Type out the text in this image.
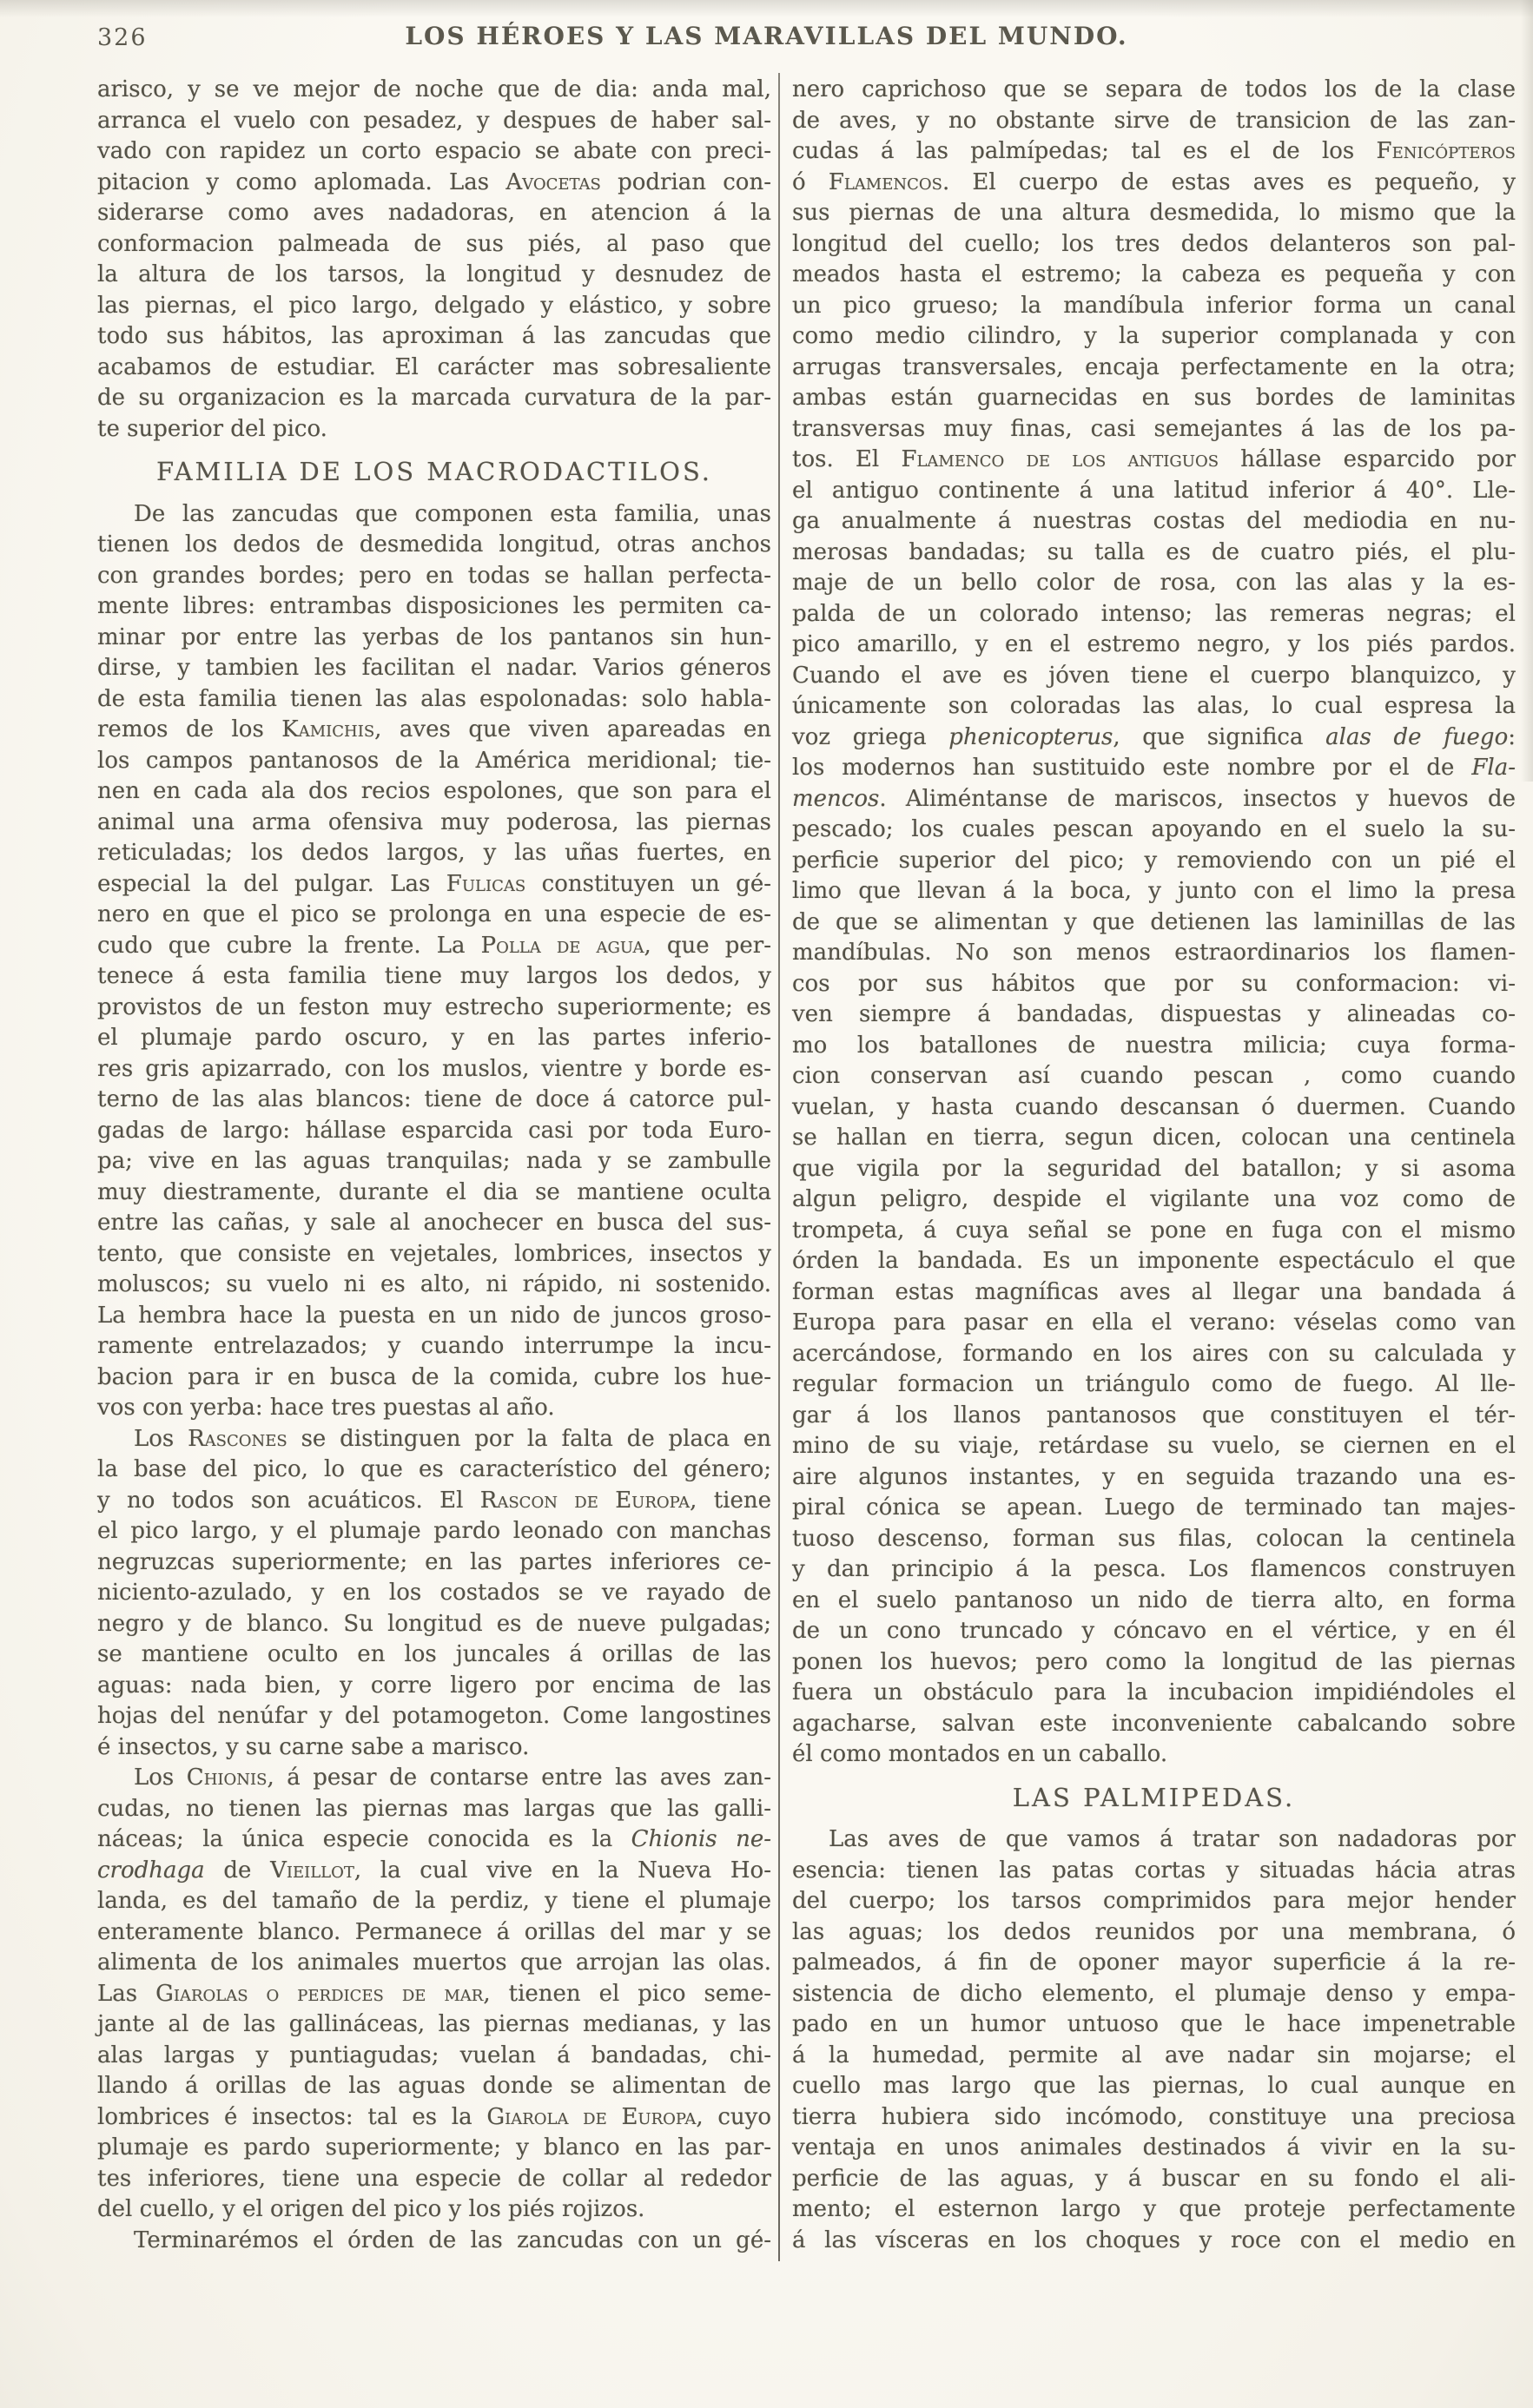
326	LOS HÉROES Y LAS MARAVILLAS DEL MUNDO.
arisco, y se ve mejor de noche que de dia: anda mal,
arranca el vuelo con pesadez, y despues de haber sal-
vado con rapidez un corto espacio se abate con preci-
pitacion y como aplomada. Las Avocetas podrian con-
siderarse como aves nadadoras, en atencion á la
conformacion palmeada de sus piés, al paso que
la altura de los tarsos, la longitud y desnudez de
las piernas, el pico largo, delgado y elástico, y sobre
todo sus hábitos, las aproximan á las zancudas que
acabamos de estudiar. El carácter mas sobresaliente
de su organizacion es la marcada curvatura de la par-
te superior del pico.
FAMILIA DE LOS MACRODACTILOS.
De las zancudas que componen esta familia, unas
tienen los dedos de desmedida longitud, otras anchos
con grandes bordes; pero en todas se hallan perfecta-
mente libres: entrambas disposiciones les permiten ca-
minar por entre las yerbas de los pantanos sin hun-
dirse, y tambien les facilitan el nadar. Varios géneros
de esta familia tienen las alas espolonadas: solo habla-
remos de los Kamichis, aves que viven apareadas en
los campos pantanosos de la América meridional; tie-
nen en cada ala dos recios espolones, que son para el
animal una arma ofensiva muy poderosa, las piernas
reticuladas; los dedos largos, y las uñas fuertes, en
especial la del pulgar. Las Fulicas constituyen un gé-
nero en que el pico se prolonga en una especie de es-
cudo que cubre la frente. La Polla de agua, que per-
tenece á esta familia tiene muy largos los dedos, y
provistos de un feston muy estrecho superiormente; es
el plumaje pardo oscuro, y en las partes inferio-
res gris apizarrado, con los muslos, vientre y borde es-
terno de las alas blancos: tiene de doce á catorce pul-
gadas de largo: hállase esparcida casi por toda Euro-
pa; vive en las aguas tranquilas; nada y se zambulle
muy diestramente, durante el dia se mantiene oculta
entre las cañas, y sale al anochecer en busca del sus-
tento, que consiste en vejetales, lombrices, insectos y
moluscos; su vuelo ni es alto, ni rápido, ni sostenido.
La hembra hace la puesta en un nido de juncos groso-
ramente entrelazados; y cuando interrumpe la incu-
bacion para ir en busca de la comida, cubre los hue-
vos con yerba: hace tres puestas al año.
Los Rascones se distinguen por la falta de placa en
la base del pico, lo que es característico del género;
y no todos son acuáticos. El Rascon de Europa, tiene
el pico largo, y el plumaje pardo leonado con manchas
negruzcas superiormente; en las partes inferiores ce-
niciento-azulado, y en los costados se ve rayado de
negro y de blanco. Su longitud es de nueve pulgadas;
se mantiene oculto en los juncales á orillas de las
aguas: nada bien, y corre ligero por encima de las
hojas del nenúfar y del potamogeton. Come langostines
é insectos, y su carne sabe a marisco.
Los Chionis, á pesar de contarse entre las aves zan-
cudas, no tienen las piernas mas largas que las galli-
náceas; la única especie conocida es la Chionis ne-
crodhaga de Vieillot, la cual vive en la Nueva Ho-
landa, es del tamaño de la perdiz, y tiene el plumaje
enteramente blanco. Permanece á orillas del mar y se
alimenta de los animales muertos que arrojan las olas.
Las Giarolas o perdices de mar, tienen el pico seme-
jante al de las gallináceas, las piernas medianas, y las
alas largas y puntiagudas; vuelan á bandadas, chi-
llando á orillas de las aguas donde se alimentan de
lombrices é insectos: tal es la Giarola de Europa, cuyo
plumaje es pardo superiormente; y blanco en las par-
tes inferiores, tiene una especie de collar al rededor
del cuello, y el origen del pico y los piés rojizos.
Terminarémos el órden de las zancudas con un gé-
nero caprichoso que se separa de todos los de la clase
de aves, y no obstante sirve de transicion de las zan-
cudas á las palmípedas; tal es el de los Fenicópteros
ó Flamencos. El cuerpo de estas aves es pequeño, y
sus piernas de una altura desmedida, lo mismo que la
longitud del cuello; los tres dedos delanteros son pal-
meados hasta el estremo; la cabeza es pequeña y con
un pico grueso; la mandíbula inferior forma un canal
como medio cilindro, y la superior complanada y con
arrugas transversales, encaja perfectamente en la otra;
ambas están guarnecidas en sus bordes de laminitas
transversas muy finas, casi semejantes á las de los pa-
tos. El Flamenco de los antiguos hállase esparcido por
el antiguo continente á una latitud inferior á 40°. Lle-
ga anualmente á nuestras costas del mediodia en nu-
merosas bandadas; su talla es de cuatro piés, el plu-
maje de un bello color de rosa, con las alas y la es-
palda de un colorado intenso; las remeras negras; el
pico amarillo, y en el estremo negro, y los piés pardos.
Cuando el ave es jóven tiene el cuerpo blanquizco, y
únicamente son coloradas las alas, lo cual espresa la
voz griega phenicopterus, que significa alas de fuego:
los modernos han sustituido este nombre por el de Fla-
mencos. Aliméntanse de mariscos, insectos y huevos de
pescado; los cuales pescan apoyando en el suelo la su-
perficie superior del pico; y removiendo con un pié el
limo que llevan á la boca, y junto con el limo la presa
de que se alimentan y que detienen las laminillas de las
mandíbulas. No son menos estraordinarios los flamen-
cos por sus hábitos que por su conformacion: vi-
ven siempre á bandadas, dispuestas y alineadas co-
mo los batallones de nuestra milicia; cuya forma-
cion conservan así cuando pescan , como cuando
vuelan, y hasta cuando descansan ó duermen. Cuando
se hallan en tierra, segun dicen, colocan una centinela
que vigila por la seguridad del batallon; y si asoma
algun peligro, despide el vigilante una voz como de
trompeta, á cuya señal se pone en fuga con el mismo
órden la bandada. Es un imponente espectáculo el que
forman estas magníficas aves al llegar una bandada á
Europa para pasar en ella el verano: véselas como van
acercándose, formando en los aires con su calculada y
regular formacion un triángulo como de fuego. Al lle-
gar á los llanos pantanosos que constituyen el tér-
mino de su viaje, retárdase su vuelo, se ciernen en el
aire algunos instantes, y en seguida trazando una es-
piral cónica se apean. Luego de terminado tan majes-
tuoso descenso, forman sus filas, colocan la centinela
y dan principio á la pesca. Los flamencos construyen
en el suelo pantanoso un nido de tierra alto, en forma
de un cono truncado y cóncavo en el vértice, y en él
ponen los huevos; pero como la longitud de las piernas
fuera un obstáculo para la incubacion impidiéndoles el
agacharse, salvan este inconveniente cabalcando sobre
él como montados en un caballo.
LAS PALMIPEDAS.
Las aves de que vamos á tratar son nadadoras por
esencia: tienen las patas cortas y situadas hácia atras
del cuerpo; los tarsos comprimidos para mejor hender
las aguas; los dedos reunidos por una membrana, ó
palmeados, á fin de oponer mayor superficie á la re-
sistencia de dicho elemento, el plumaje denso y empa-
pado en un humor untuoso que le hace impenetrable
á la humedad, permite al ave nadar sin mojarse; el
cuello mas largo que las piernas, lo cual aunque en
tierra hubiera sido incómodo, constituye una preciosa
ventaja en unos animales destinados á vivir en la su-
perficie de las aguas, y á buscar en su fondo el ali-
mento; el esternon largo y que proteje perfectamente
á las vísceras en los choques y roce con el medio en
